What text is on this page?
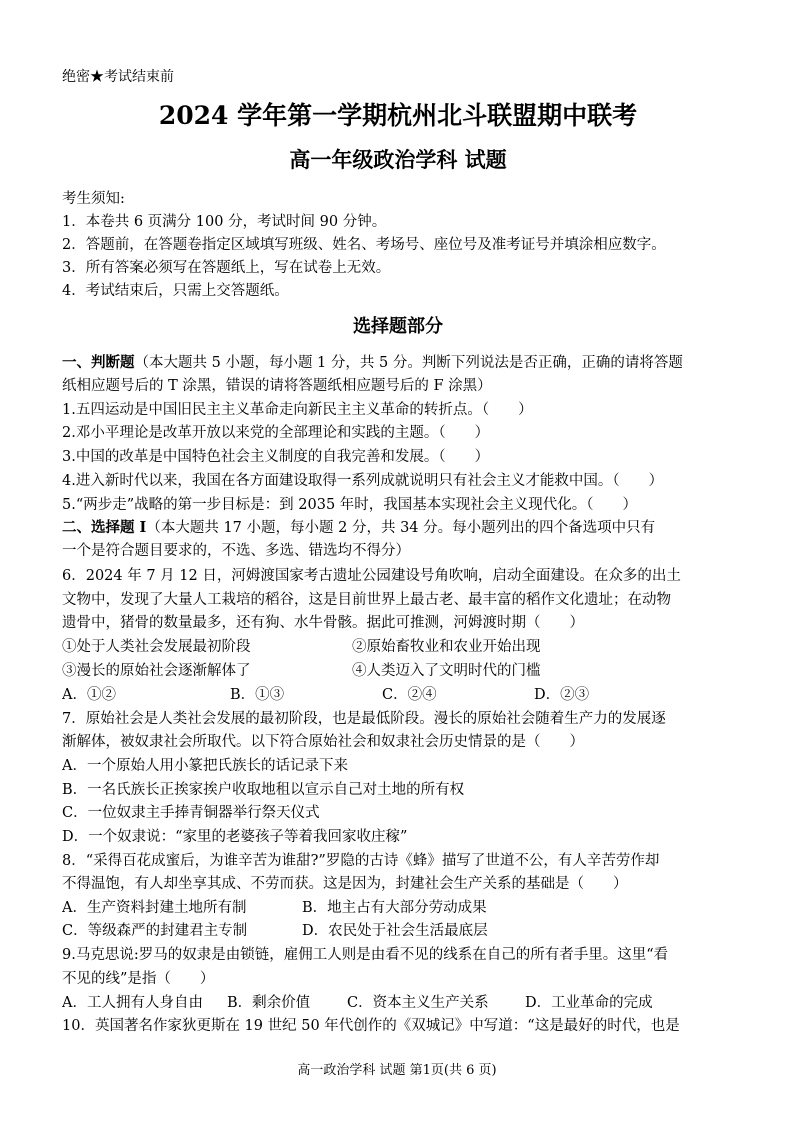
绝密★考试结束前
2024 学年第一学期杭州北斗联盟期中联考
高一年级政治学科 试题
考生须知:
1．本卷共 6 页满分 100 分，考试时间 90 分钟。
2．答题前，在答题卷指定区域填写班级、姓名、考场号、座位号及准考证号并填涂相应数字。
3．所有答案必须写在答题纸上，写在试卷上无效。
4．考试结束后，只需上交答题纸。
选择题部分
一、判断题（本大题共 5 小题，每小题 1 分，共 5 分。判断下列说法是否正确，正确的请将答题
纸相应题号后的 T 涂黑，错误的请将答题纸相应题号后的 F 涂黑）
1.五四运动是中国旧民主主义革命走向新民主主义革命的转折点。（　　）
2.邓小平理论是改革开放以来党的全部理论和实践的主题。（　　）
3.中国的改革是中国特色社会主义制度的自我完善和发展。（　　）
4.进入新时代以来，我国在各方面建设取得一系列成就说明只有社会主义才能救中国。（　　）
5.“两步走”战略的第一步目标是：到 2035 年时，我国基本实现社会主义现代化。（　　）
二、选择题 I（本大题共 17 小题，每小题 2 分，共 34 分。每小题列出的四个备选项中只有
一个是符合题目要求的，不选、多选、错选均不得分）
6．2024 年 7 月 12 日，河姆渡国家考古遗址公园建设号角吹响，启动全面建设。在众多的出土
文物中，发现了大量人工栽培的稻谷，这是目前世界上最古老、最丰富的稻作文化遗址；在动物
遗骨中，猪骨的数量最多，还有狗、水牛骨骸。据此可推测，河姆渡时期（　　）
①处于人类社会发展最初阶段	②原始畜牧业和农业开始出现
③漫长的原始社会逐渐解体了	④人类迈入了文明时代的门槛
A．①②	B．①③	C．②④	D．②③
7．原始社会是人类社会发展的最初阶段，也是最低阶段。漫长的原始社会随着生产力的发展逐
渐解体，被奴隶社会所取代。以下符合原始社会和奴隶社会历史情景的是（　　）
A．一个原始人用小篆把氏族长的话记录下来
B．一名氏族长正挨家挨户收取地租以宣示自己对土地的所有权
C．一位奴隶主手捧青铜器举行祭天仪式
D．一个奴隶说：“家里的老婆孩子等着我回家收庄稼”
8．“采得百花成蜜后，为谁辛苦为谁甜?”罗隐的古诗《蜂》描写了世道不公，有人辛苦劳作却
不得温饱，有人却坐享其成、不劳而获。这是因为，封建社会生产关系的基础是（　　）
A．生产资料封建土地所有制	B．地主占有大部分劳动成果
C．等级森严的封建君主专制	D．农民处于社会生活最底层
9.马克思说:罗马的奴隶是由锁链，雇佣工人则是由看不见的线系在自己的所有者手里。这里“看
不见的线”是指（　　）
A．工人拥有人身自由	B．剩余价值	C．资本主义生产关系	D．工业革命的完成
10．英国著名作家狄更斯在 19 世纪 50 年代创作的《双城记》中写道：“这是最好的时代，也是
高一政治学科 试题 第1页(共 6 页)
